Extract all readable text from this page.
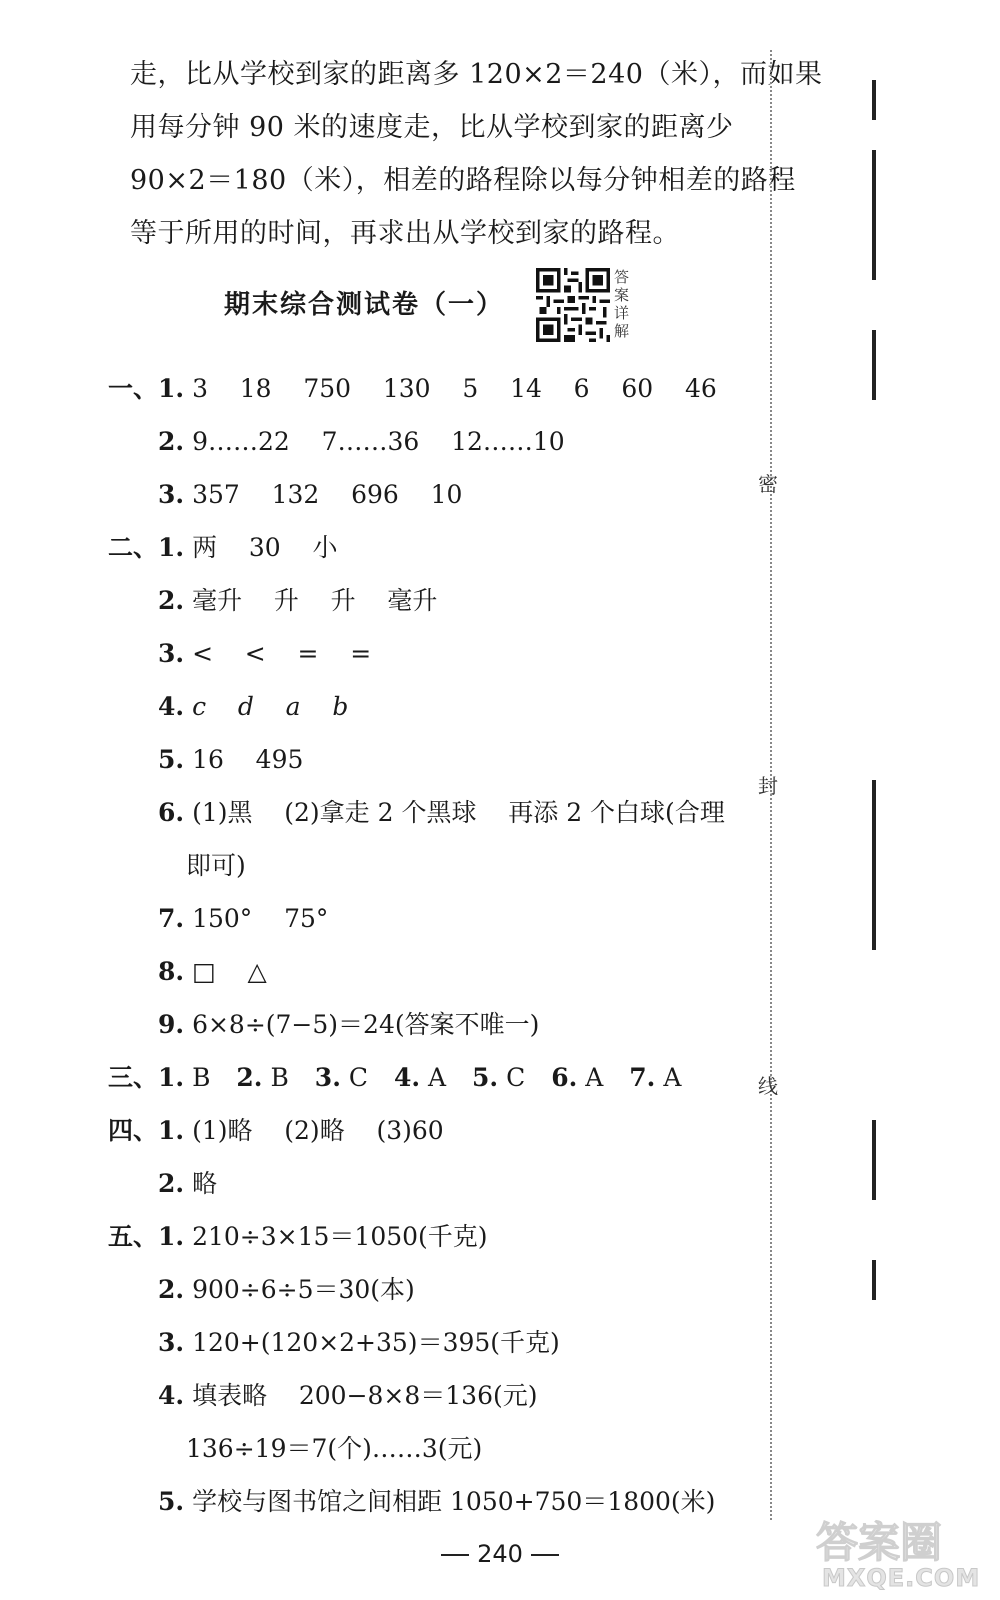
走，比从学校到家的距离多 120×2＝240（米），而如果
用每分钟 90 米的速度走，比从学校到家的距离少
90×2＝180（米），相差的路程除以每分钟相差的路程
等于所用的时间，再求出从学校到家的路程。
期末综合测试卷（一）
答案详解
一、1. 3    18    750    130    5    14    6    60    46
2. 9……22    7……36    12……10
3. 357    132    696    10
二、1. 两    30    小
2. 毫升    升    升    毫升
3. <    <    =    =
4. c    d    a    b
5. 16    495
6. (1)黑    (2)拿走 2 个黑球    再添 2 个白球(合理
即可)
7. 150°    75°
8. □    △
9. 6×8÷(7−5)＝24(答案不唯一)
三、1. B 2. B 3. C 4. A 5. C 6. A 7. A
四、1. (1)略    (2)略    (3)60
2. 略
五、1. 210÷3×15＝1050(千克)
2. 900÷6÷5＝30(本)
3. 120+(120×2+35)＝395(千克)
4. 填表略    200−8×8＝136(元)
136÷19＝7(个)……3(元)
5. 学校与图书馆之间相距 1050+750＝1800(米)
密
封
线
240	答案圈
MXQE.COM
